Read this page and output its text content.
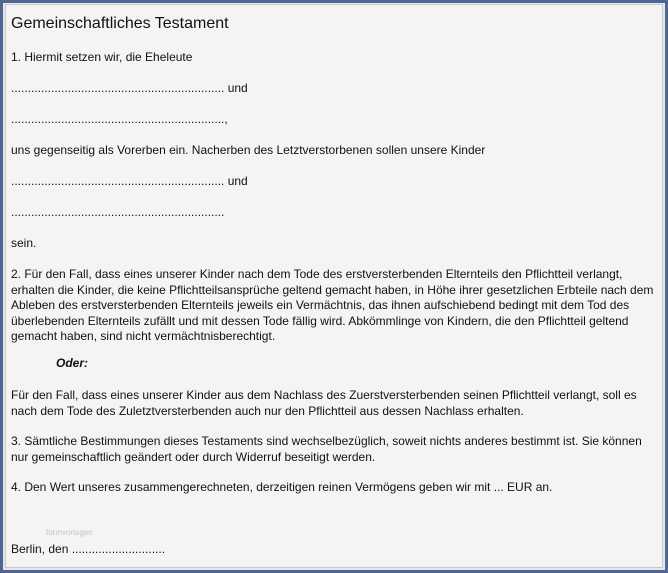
Gemeinschaftliches Testament
1. Hiermit setzen wir, die Eheleute
................................................................ und
................................................................,
uns gegenseitig als Vorerben ein. Nacherben des Letztverstorbenen sollen unsere Kinder
................................................................ und
................................................................
sein.
2. Für den Fall, dass eines unserer Kinder nach dem Tode des erstversterbenden Elternteils den Pflichtteil verlangt, erhalten die Kinder, die keine Pflichtteilsansprüche geltend gemacht haben, in Höhe ihrer gesetzlichen Erbteile nach dem Ableben des erstversterbenden Elternteils jeweils ein Vermächtnis, das ihnen aufschiebend bedingt mit dem Tod des überlebenden Elternteils zufällt und mit dessen Tode fällig wird. Abkömmlinge von Kindern, die den Pflichtteil geltend gemacht haben, sind nicht vermächtnisberechtigt.
Oder:
Für den Fall, dass eines unserer Kinder aus dem Nachlass des Zuerstversterbenden seinen Pflichtteil verlangt, soll es nach dem Tode des Zuletztversterbenden auch nur den Pflichtteil aus dessen Nachlass erhalten.
3. Sämtliche Bestimmungen dieses Testaments sind wechselbezüglich, soweit nichts anderes bestimmt ist. Sie können nur gemeinschaftlich geändert oder durch Widerruf beseitigt werden.
4. Den Wert unseres zusammengerechneten, derzeitigen reinen Vermögens geben wir mit ... EUR an.
formvorlagen
Berlin, den ............................
